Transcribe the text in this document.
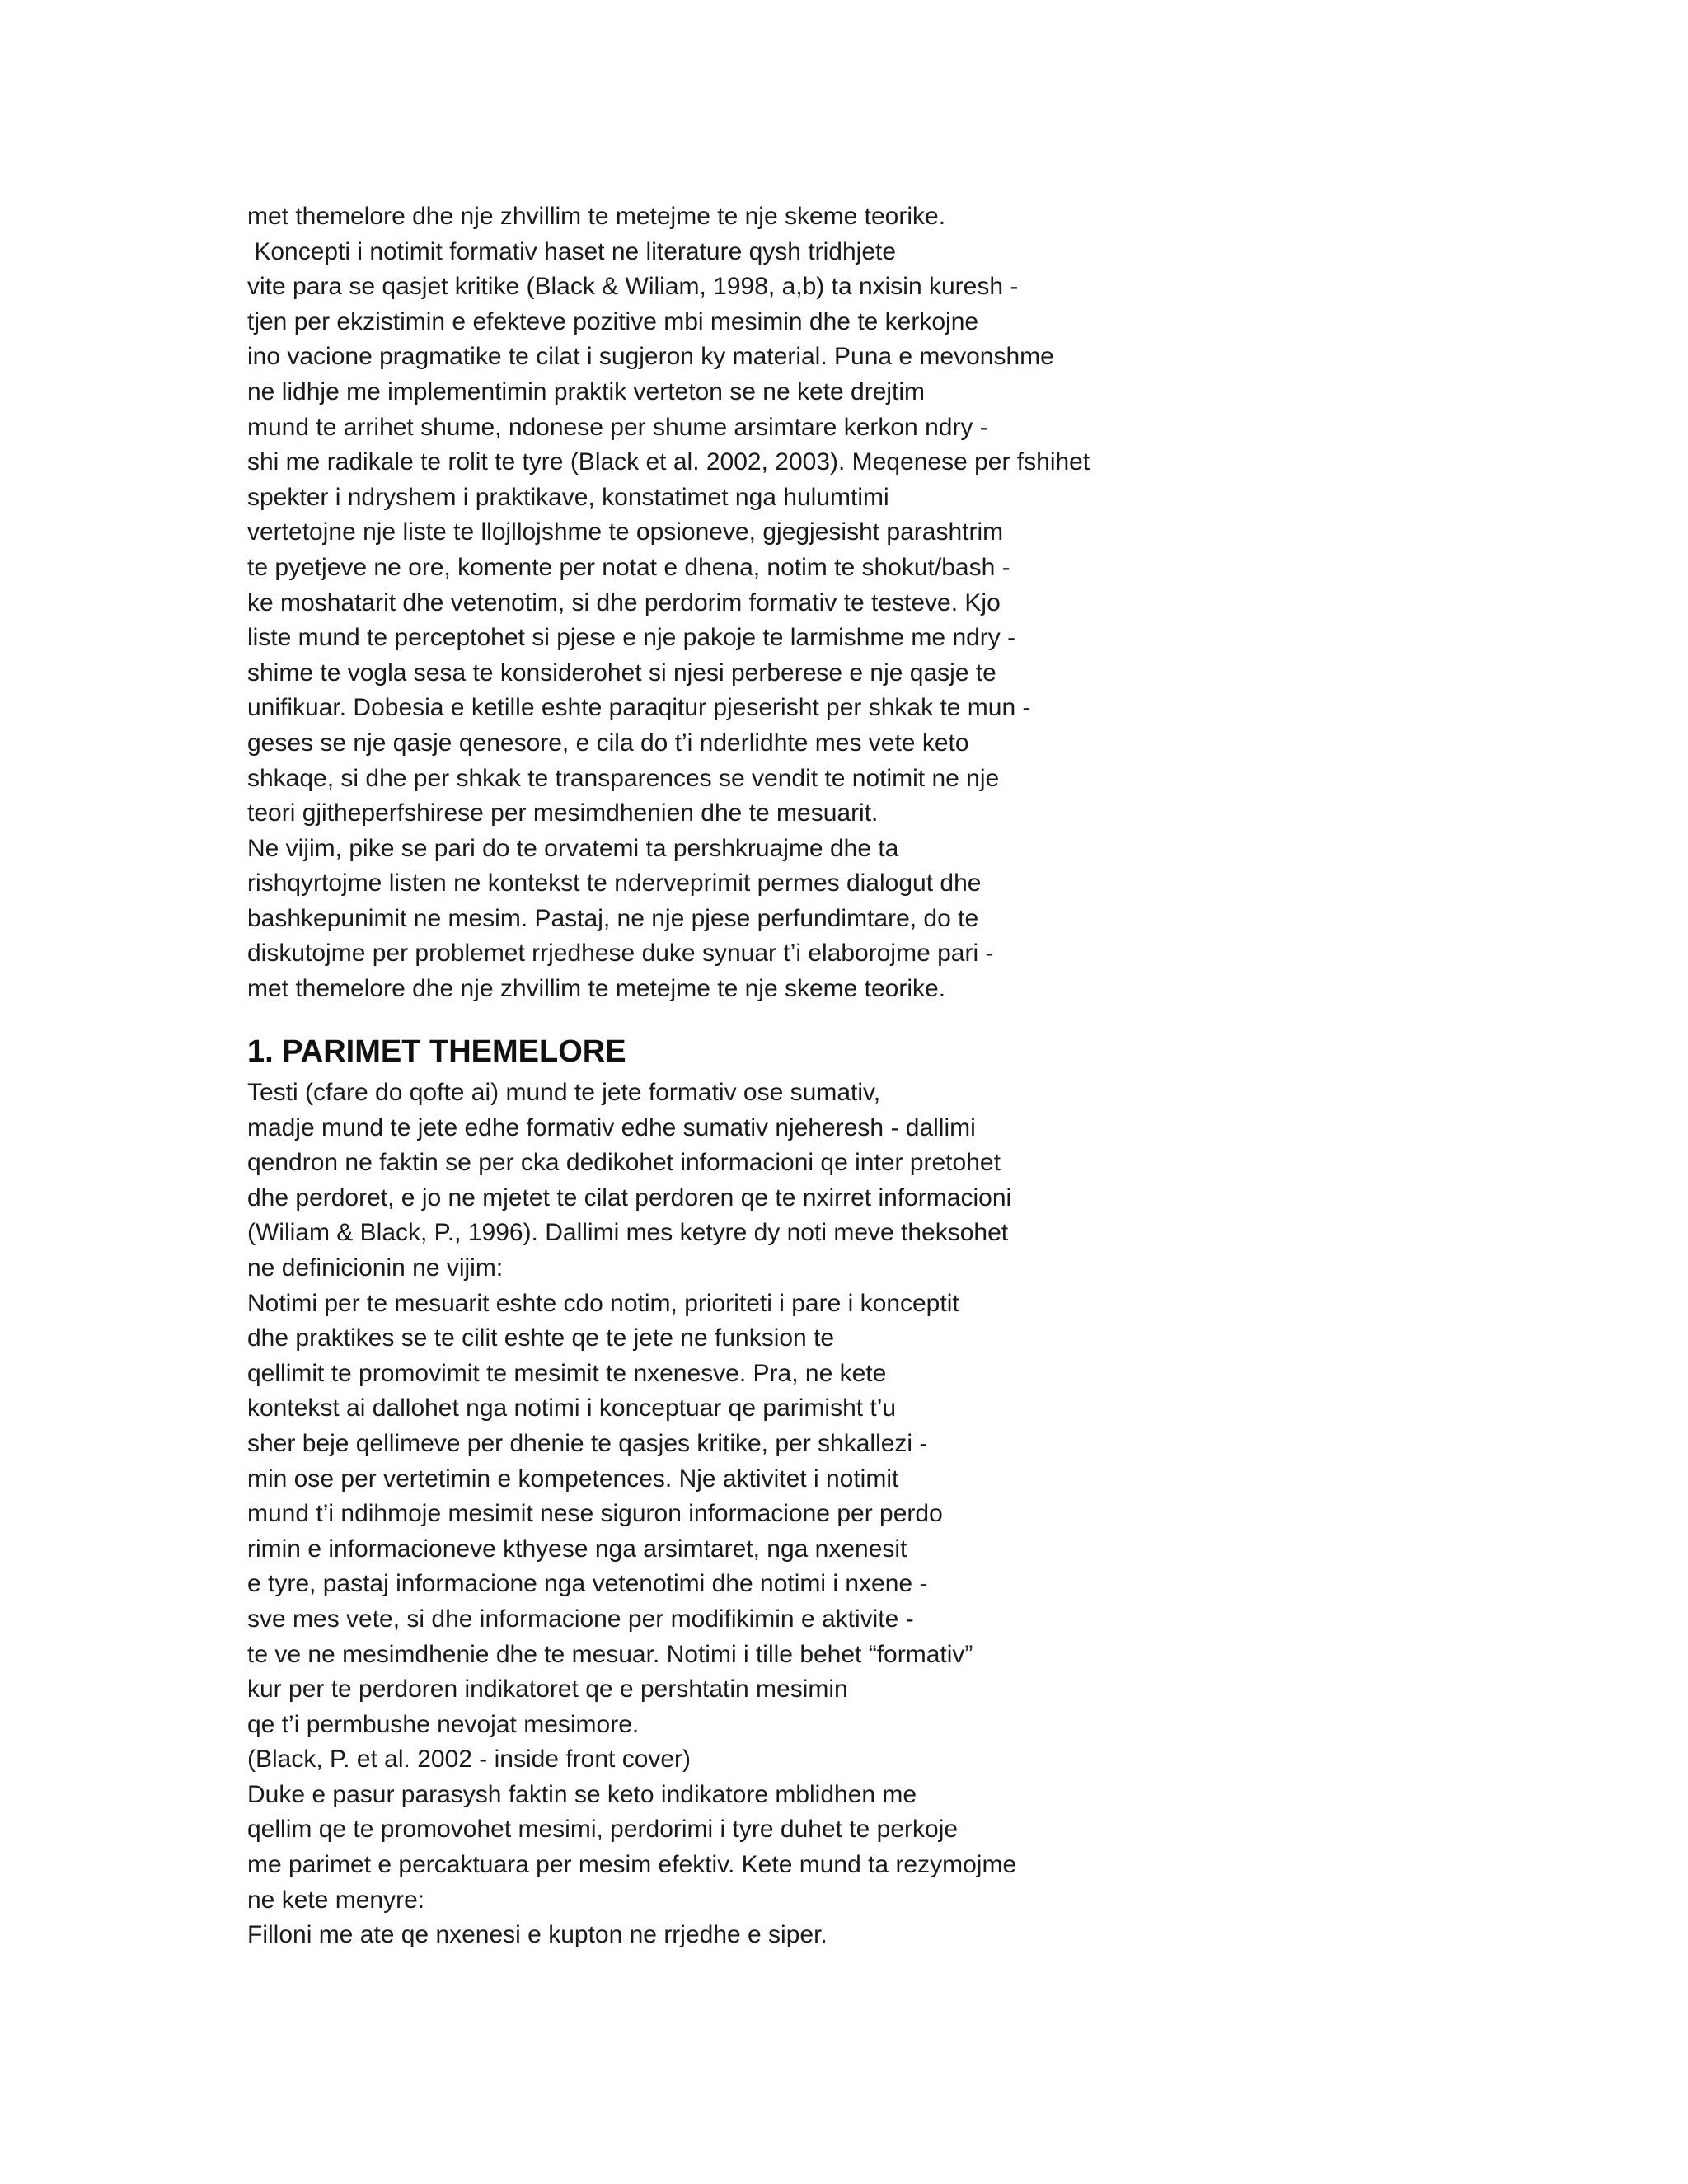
met themelore dhe nje zhvillim te metejme te nje skeme teorike.
Koncepti i notimit formativ haset ne literature qysh tridhjete
vite para se qasjet kritike (Black & Wiliam, 1998, a,b) ta nxisin kuresh -
tjen per ekzistimin e efekteve pozitive mbi mesimin dhe te kerkojne
ino vacione pragmatike te cilat i sugjeron ky material. Puna e mevonshme
ne lidhje me implementimin praktik verteton se ne kete drejtim
mund te arrihet shume, ndonese per shume arsimtare kerkon ndry -
shi me radikale te rolit te tyre (Black et al. 2002, 2003). Meqenese per fshihet
spekter i ndryshem i praktikave, konstatimet nga hulumtimi
vertetojne nje liste te llojllojshme te opsioneve, gjegjesisht parashtrim
te pyetjeve ne ore, komente per notat e dhena, notim te shokut/bash -
ke moshatarit dhe vetenotim, si dhe perdorim formativ te testeve. Kjo
liste mund te perceptohet si pjese e nje pakoje te larmishme me ndry -
shime te vogla sesa te konsiderohet si njesi perberese e nje qasje te
unifikuar. Dobesia e ketille eshte paraqitur pjeserisht per shkak te mun -
geses se nje qasje qenesore, e cila do t’i nderlidhte mes vete keto
shkaqe, si dhe per shkak te transparences se vendit te notimit ne nje
teori gjitheperfshirese per mesimdhenien dhe te mesuarit.
Ne vijim, pike se pari do te orvatemi ta pershkruajme dhe ta
rishqyrtojme listen ne kontekst te nderveprimit permes dialogut dhe
bashkepunimit ne mesim. Pastaj, ne nje pjese perfundimtare, do te
diskutojme per problemet rrjedhese duke synuar t’i elaborojme pari -
met themelore dhe nje zhvillim te metejme te nje skeme teorike.
1. PARIMET THEMELORE
Testi (cfare do qofte ai) mund te jete formativ ose sumativ,
madje mund te jete edhe formativ edhe sumativ njeheresh - dallimi
qendron ne faktin se per cka dedikohet informacioni qe inter pretohet
dhe perdoret, e jo ne mjetet te cilat perdoren qe te nxirret informacioni
(Wiliam & Black, P., 1996). Dallimi mes ketyre dy noti meve theksohet
ne definicionin ne vijim:
Notimi per te mesuarit eshte cdo notim, prioriteti i pare i konceptit
dhe praktikes se te cilit eshte qe te jete ne funksion te
qellimit te promovimit te mesimit te nxenesve. Pra, ne kete
kontekst ai dallohet nga notimi i konceptuar qe parimisht t’u
sher beje qellimeve per dhenie te qasjes kritike, per shkallezi -
min ose per vertetimin e kompetences. Nje aktivitet i notimit
mund t’i ndihmoje mesimit nese siguron informacione per perdo
rimin e informacioneve kthyese nga arsimtaret, nga nxenesit
e tyre, pastaj informacione nga vetenotimi dhe notimi i nxene -
sve mes vete, si dhe informacione per modifikimin e aktivite -
te ve ne mesimdhenie dhe te mesuar. Notimi i tille behet “formativ”
kur per te perdoren indikatoret qe e pershtatin mesimin
qe t’i permbushe nevojat mesimore.
(Black, P. et al. 2002 - inside front cover)
Duke e pasur parasysh faktin se keto indikatore mblidhen me
qellim qe te promovohet mesimi, perdorimi i tyre duhet te perkoje
me parimet e percaktuara per mesim efektiv. Kete mund ta rezymojme
ne kete menyre:
Filloni me ate qe nxenesi e kupton ne rrjedhe e siper.
